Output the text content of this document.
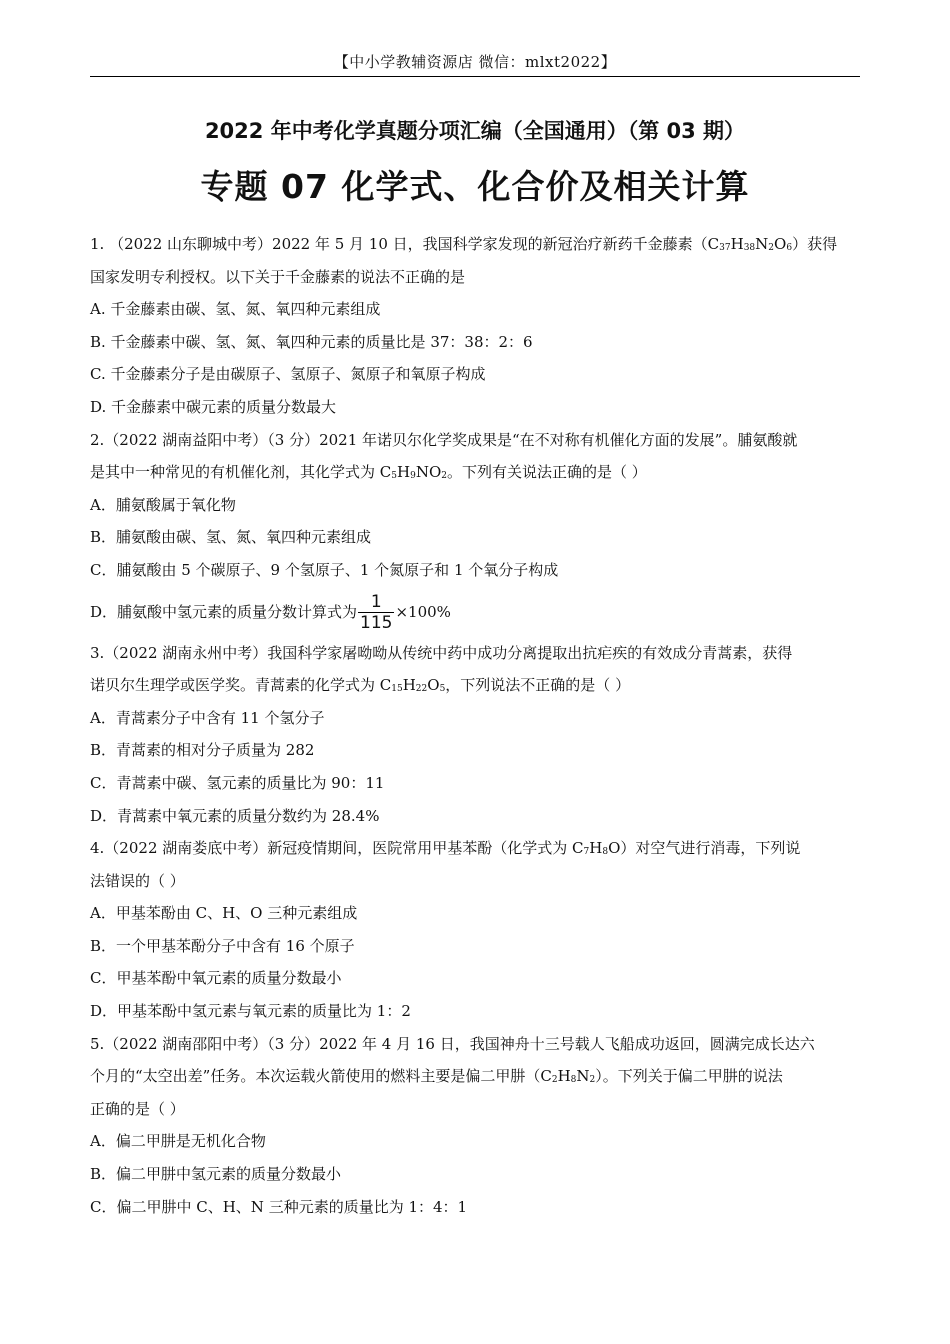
【中小学教辅资源店 微信：mlxt2022】
2022 年中考化学真题分项汇编（全国通用）（第 03 期）
专题 07 化学式、化合价及相关计算
1. （2022 山东聊城中考）2022 年 5 月 10 日，我国科学家发现的新冠治疗新药千金藤素$(C_{37}H_{38}N_2O_6)$获得
国家发明专利授权。以下关于千金藤素的说法不正确的是
A. 千金藤素由碳、氢、氮、氧四种元素组成
B. 千金藤素中碳、氢、氮、氧四种元素的质量比是 37：38：2：6
C. 千金藤素分子是由碳原子、氢原子、氮原子和氧原子构成
D. 千金藤素中碳元素的质量分数最大
2.（2022 湖南益阳中考）（3 分）2021 年诺贝尔化学奖成果是“在不对称有机催化方面的发展”。脯氨酸就
是其中一种常见的有机催化剂，其化学式为 $C_5H_9NO_2$。下列有关说法正确的是（ ）
A．脯氨酸属于氧化物
B．脯氨酸由碳、氢、氮、氧四种元素组成
C．脯氨酸由 5 个碳原子、9 个氢原子、1 个氮原子和 1 个氧分子构成
D．脯氨酸中氢元素的质量分数计算式为 $\frac{1}{115} \times 100\%$
3.（2022 湖南永州中考）我国科学家屠呦呦从传统中药中成功分离提取出抗疟疾的有效成分青蒿素，获得
诺贝尔生理学或医学奖。青蒿素的化学式为 $C_{15}H_{22}O_5$，下列说法不正确的是（ ）
A．青蒿素分子中含有 11 个氢分子
B．青蒿素的相对分子质量为 282
C．青蒿素中碳、氢元素的质量比为 90：11
D．青蒿素中氧元素的质量分数约为 28.4%
4.（2022 湖南娄底中考）新冠疫情期间，医院常用甲基苯酚（化学式为 $C_7H_8O$）对空气进行消毒，下列说
法错误的（ ）
A．甲基苯酚由 C、H、O 三种元素组成
B．一个甲基苯酚分子中含有 16 个原子
C．甲基苯酚中氧元素的质量分数最小
D．甲基苯酚中氢元素与氧元素的质量比为 1：2
5.（2022 湖南邵阳中考）（3 分）2022 年 4 月 16 日，我国神舟十三号载人飞船成功返回，圆满完成长达六
个月的“太空出差”任务。本次运载火箭使用的燃料主要是偏二甲肼$(C_2H_8N_2)$。下列关于偏二甲肼的说法
正确的是（ ）
A．偏二甲肼是无机化合物
B．偏二甲肼中氢元素的质量分数最小
C．偏二甲肼中 C、H、N 三种元素的质量比为 1：4：1
